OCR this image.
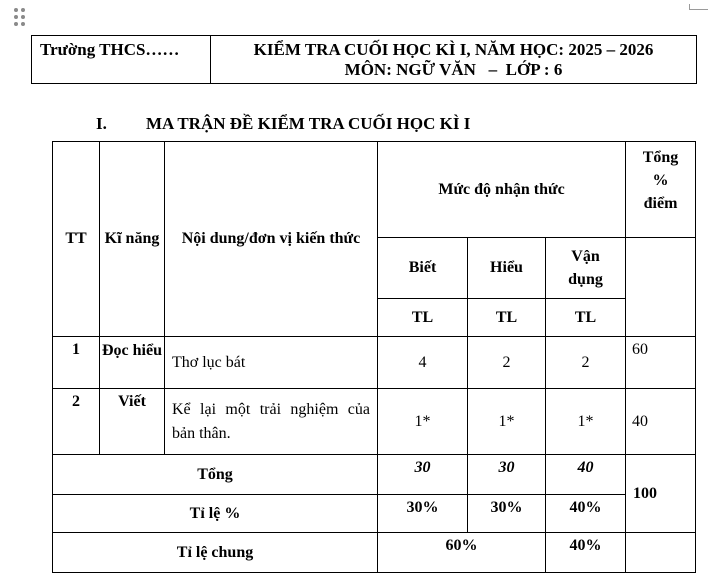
Trường THCS……	KIỂM TRA CUỐI HỌC KÌ I, NĂM HỌC: 2025 – 2026
MÔN: NGỮ VĂN   –  LỚP : 6
I. MA TRẬN ĐỀ KIỂM TRA CUỐI HỌC KÌ I
TT	Kĩ năng	Nội dung/đơn vị kiến thức	Mức độ nhận thức			Tổng
%
điểm

			Biết	Hiểu	Vận dụng	
			TL	TL	TL	
1	Đọc hiểu	Thơ lục bát	4	2	2	60
2	Viết	Kể lại một trải nghiệm của bản thân.	1*	1*	1*	40
Tổng			30	30	40	100
Tỉ lệ %			30%	30%	40%	
Tỉ lệ chung			60%		40%	
